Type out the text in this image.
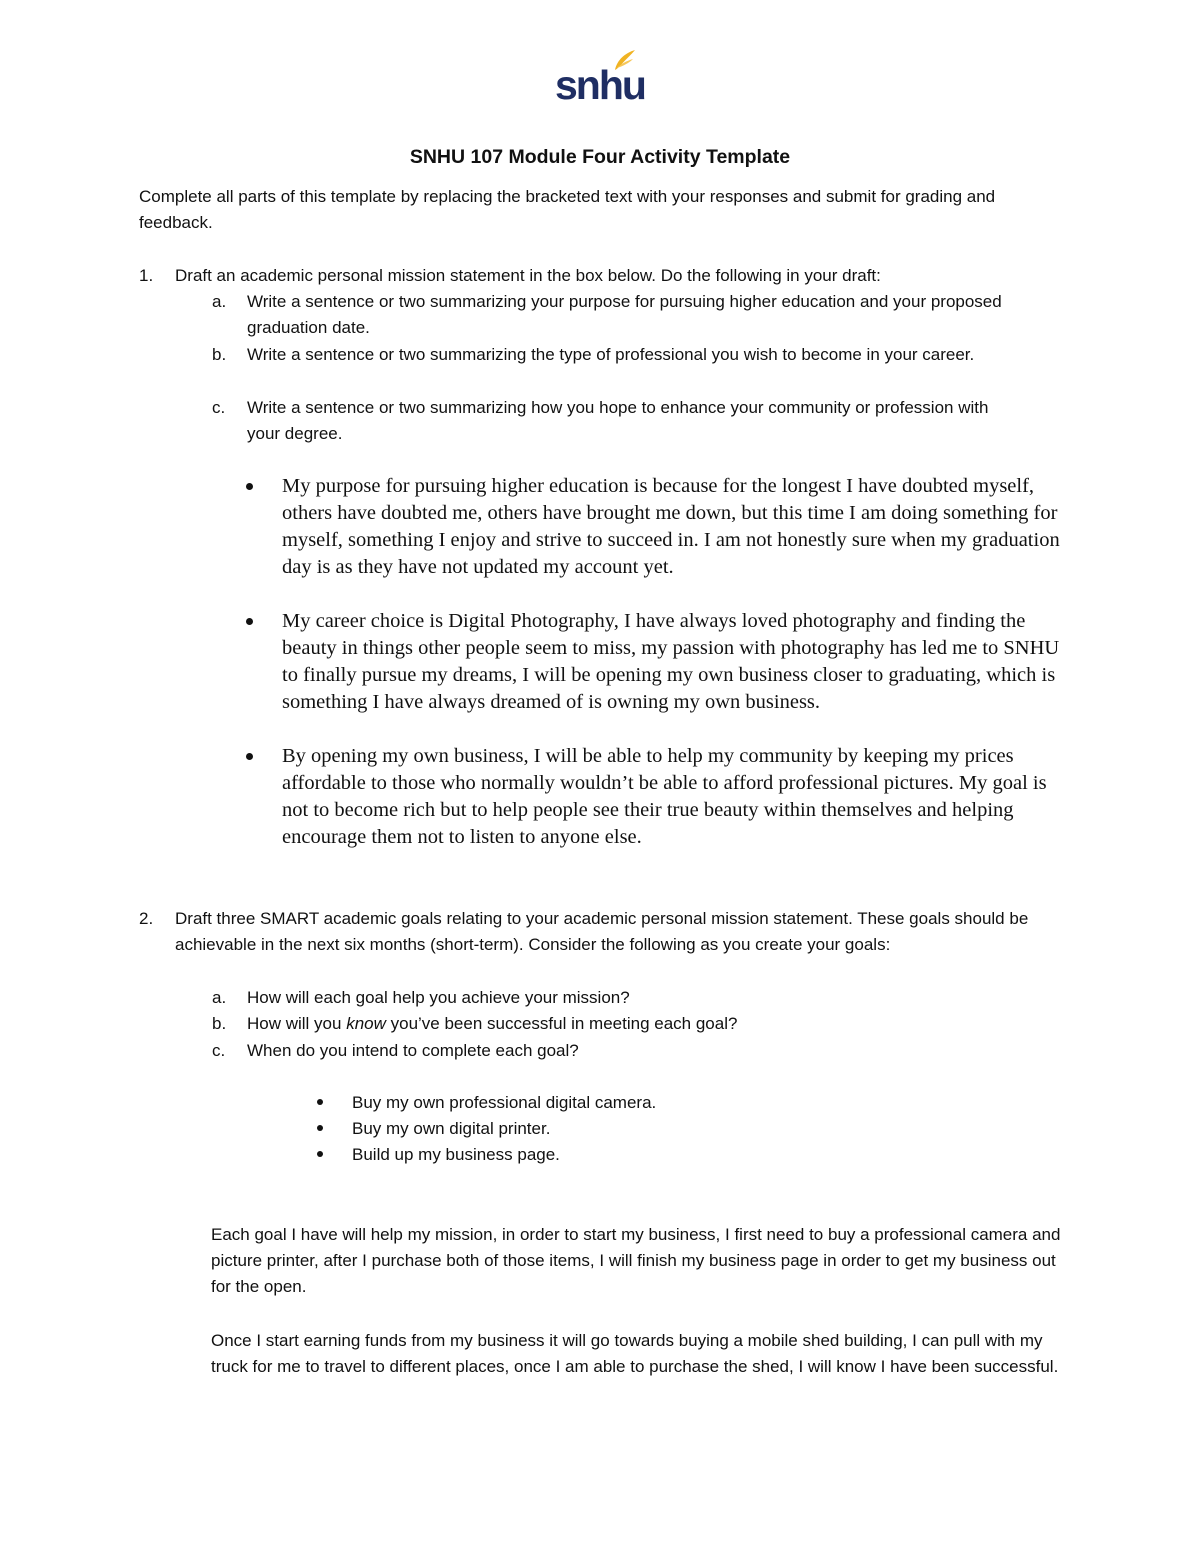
snhu
SNHU 107 Module Four Activity Template

Complete all parts of this template by replacing the bracketed text with your responses and submit for grading and feedback.

1. Draft an academic personal mission statement in the box below. Do the following in your draft:

a. Write a sentence or two summarizing your purpose for pursuing higher education and your proposed graduation date.

b. Write a sentence or two summarizing the type of professional you wish to become in your career.

c. Write a sentence or two summarizing how you hope to enhance your community or profession with your degree.

My purpose for pursuing higher education is because for the longest I have doubted myself, others have doubted me, others have brought me down, but this time I am doing something for myself, something I enjoy and strive to succeed in. I am not honestly sure when my graduation day is as they have not updated my account yet.

My career choice is Digital Photography, I have always loved photography and finding the beauty in things other people seem to miss, my passion with photography has led me to SNHU to finally pursue my dreams, I will be opening my own business closer to graduating, which is something I have always dreamed of is owning my own business.

By opening my own business, I will be able to help my community by keeping my prices affordable to those who normally wouldn’t be able to afford professional pictures. My goal is not to become rich but to help people see their true beauty within themselves and helping encourage them not to listen to anyone else.

2. Draft three SMART academic goals relating to your academic personal mission statement. These goals should be achievable in the next six months (short-term). Consider the following as you create your goals:

a. How will each goal help you achieve your mission?

b. How will you know you’ve been successful in meeting each goal?

c. When do you intend to complete each goal?

Buy my own professional digital camera.

Buy my own digital printer.

Build up my business page.

Each goal I have will help my mission, in order to start my business, I first need to buy a professional camera and picture printer, after I purchase both of those items, I will finish my business page in order to get my business out for the open.

Once I start earning funds from my business it will go towards buying a mobile shed building, I can pull with my truck for me to travel to different places, once I am able to purchase the shed, I will know I have been successful.
